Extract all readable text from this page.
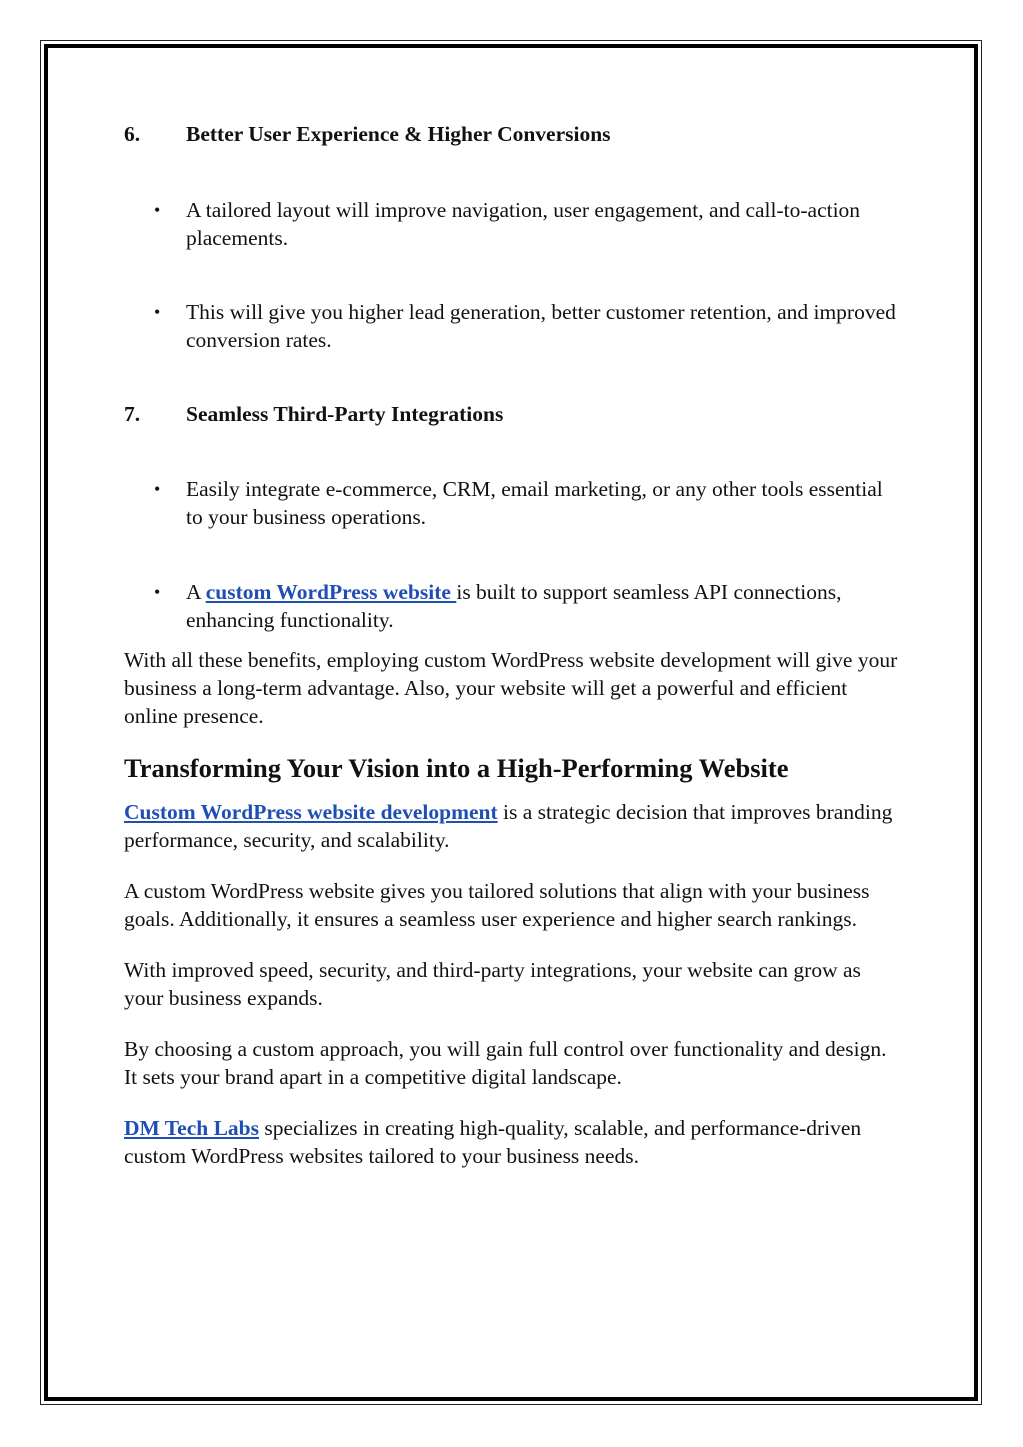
6. Better User Experience & Higher Conversions
• A tailored layout will improve navigation, user engagement, and call-to-action placements.
• This will give you higher lead generation, better customer retention, and improved conversion rates.
7. Seamless Third-Party Integrations
• Easily integrate e-commerce, CRM, email marketing, or any other tools essential to your business operations.
• A custom WordPress website is built to support seamless API connections, enhancing functionality.

With all these benefits, employing custom WordPress website development will give your business a long-term advantage. Also, your website will get a powerful and efficient online presence.

Transforming Your Vision into a High-Performing Website

Custom WordPress website development is a strategic decision that improves branding performance, security, and scalability.

A custom WordPress website gives you tailored solutions that align with your business goals. Additionally, it ensures a seamless user experience and higher search rankings.

With improved speed, security, and third-party integrations, your website can grow as your business expands.

By choosing a custom approach, you will gain full control over functionality and design. It sets your brand apart in a competitive digital landscape.

DM Tech Labs specializes in creating high-quality, scalable, and performance-driven custom WordPress websites tailored to your business needs.
